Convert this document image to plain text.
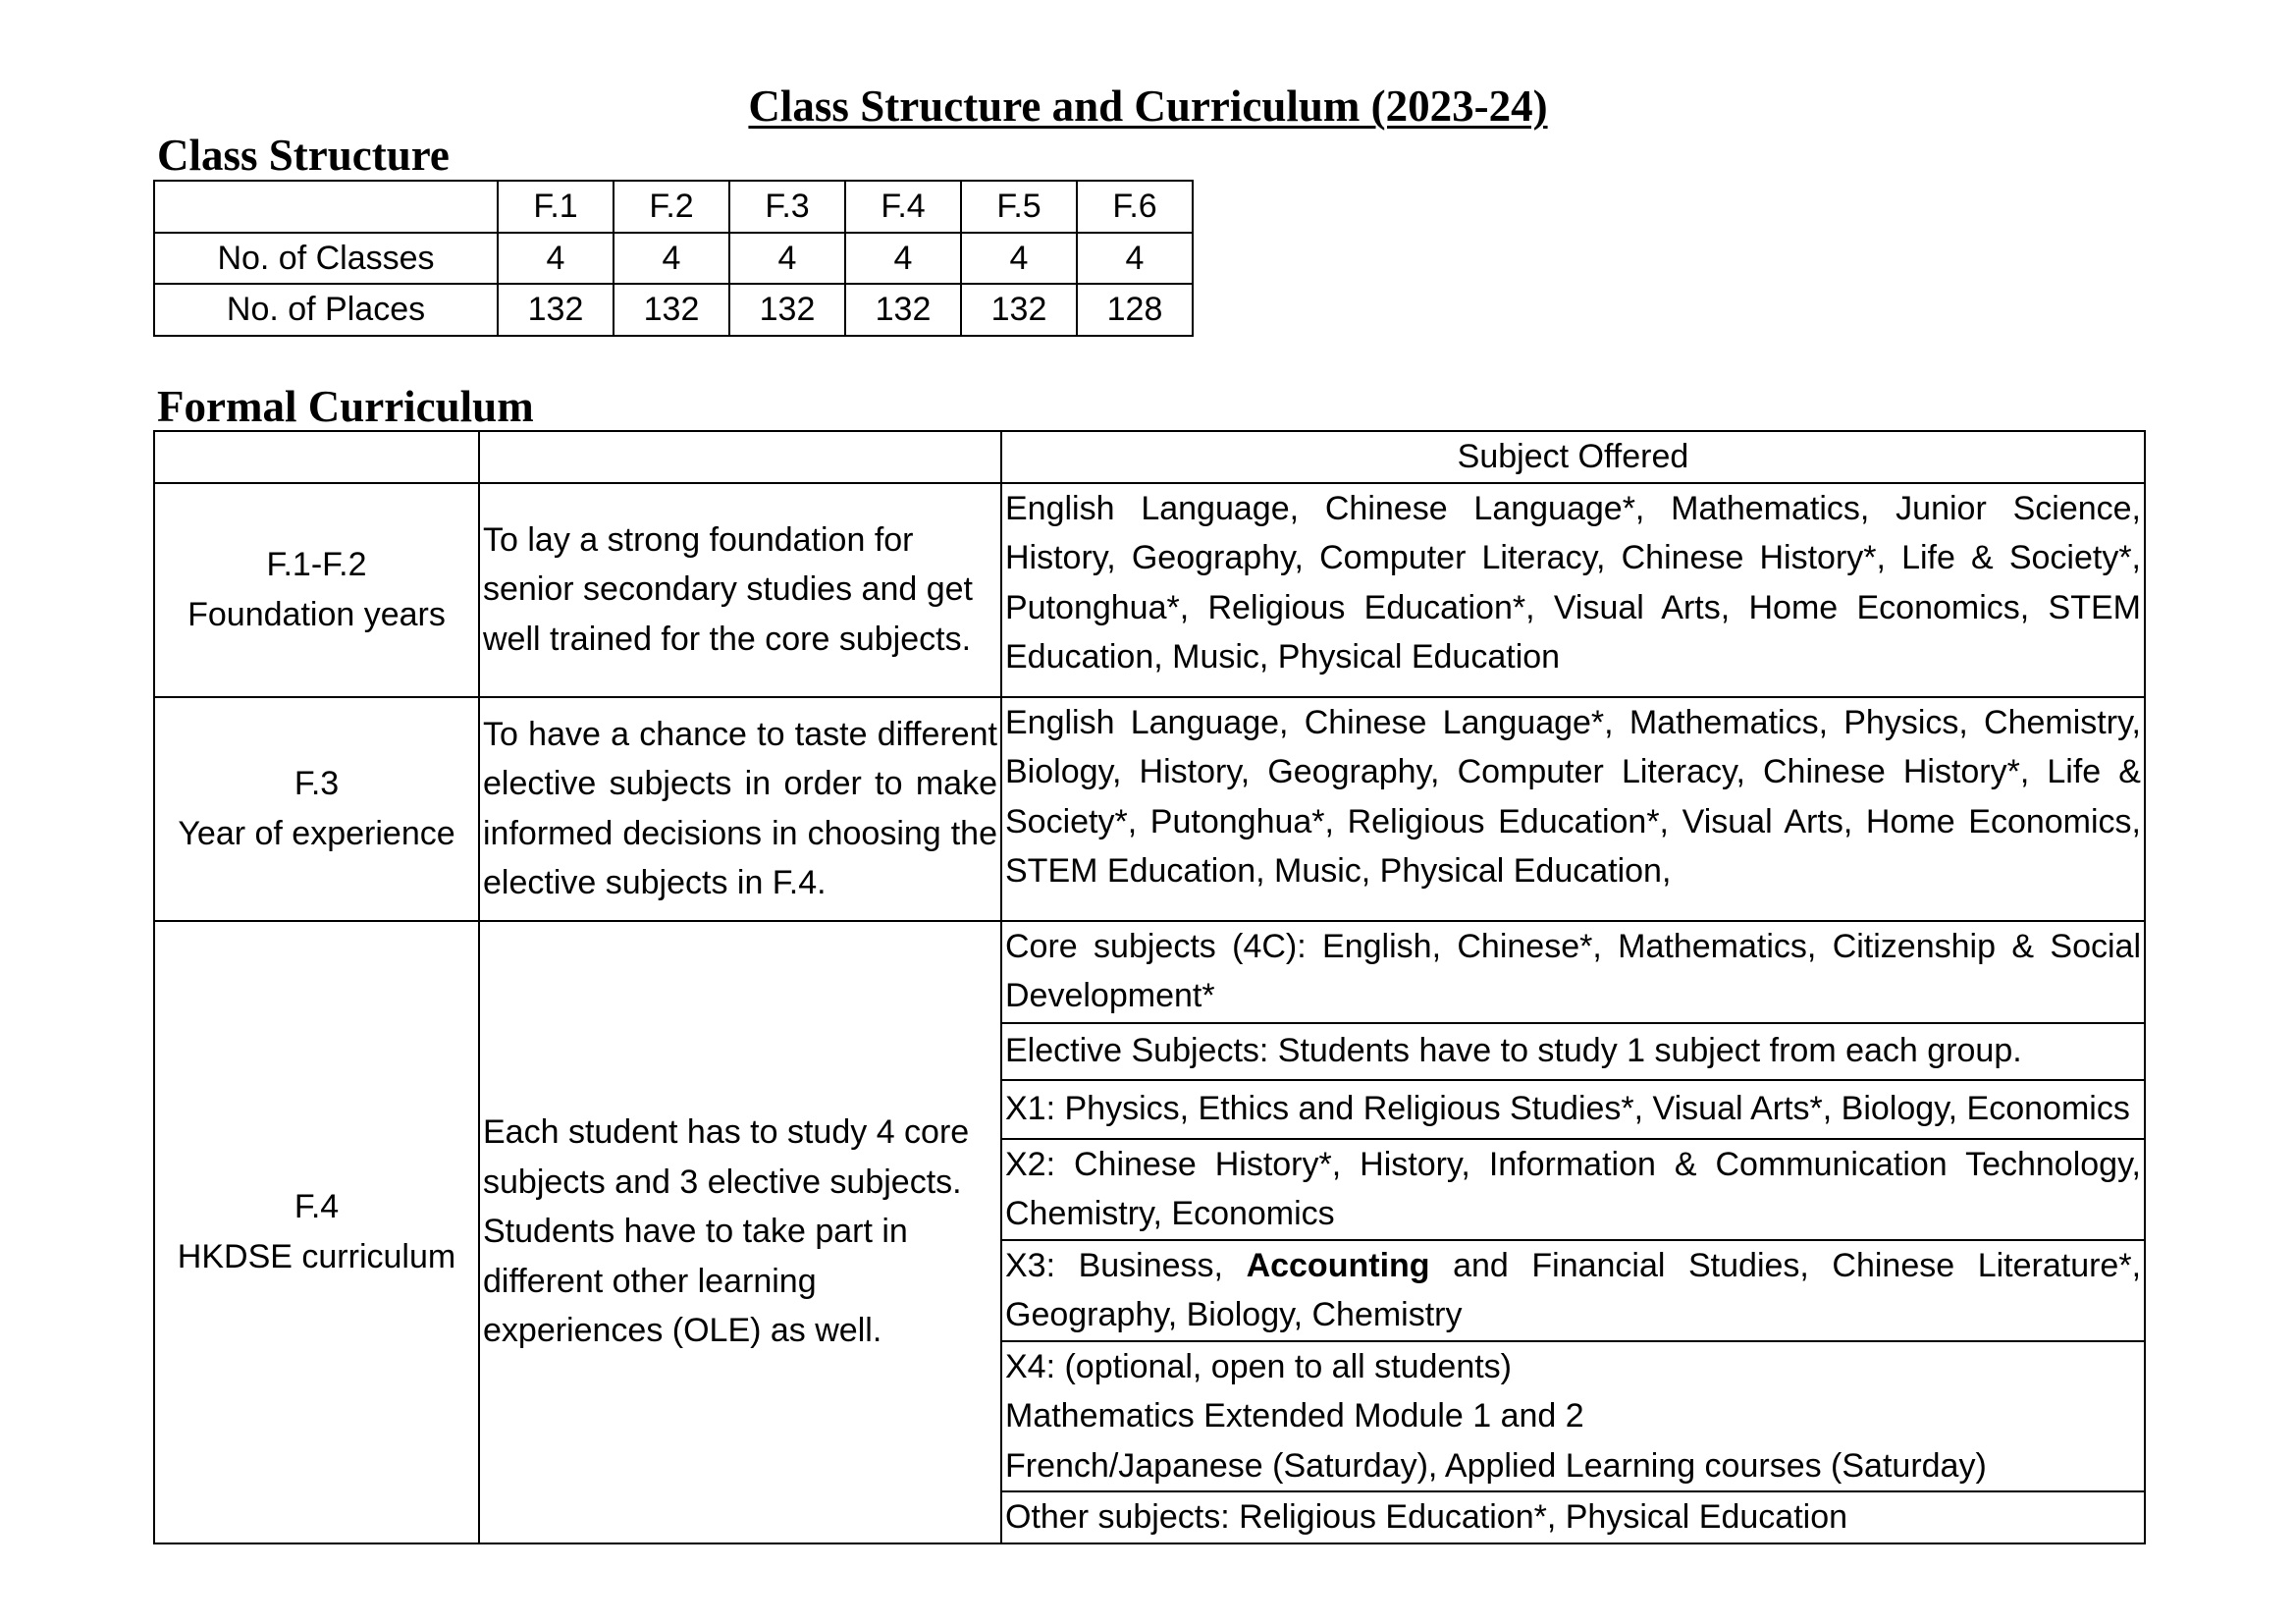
Class Structure and Curriculum (2023-24)
Class Structure
	F.1	F.2	F.3	F.4	F.5	F.6
No. of Classes	4	4	4	4	4	4
No. of Places	132	132	132	132	132	128
Formal Curriculum
		Subject Offered

F.1-F.2
Foundation years	To lay a strong foundation for senior secondary studies and get well trained for the core subjects.	English Language, Chinese Language*, Mathematics, Junior Science, History, Geography, Computer Literacy, Chinese History*, Life & Society*, Putonghua*, Religious Education*, Visual Arts, Home Economics, STEM Education, Music, Physical Education

F.3
Year of experience	To have a chance to taste different elective subjects in order to make informed decisions in choosing the elective subjects in F.4.	English Language, Chinese Language*, Mathematics, Physics, Chemistry, Biology, History, Geography, Computer Literacy, Chinese History*, Life & Society*, Putonghua*, Religious Education*, Visual Arts, Home Economics, STEM Education, Music, Physical Education,

F.4
HKDSE curriculum	Each student has to study 4 core subjects and 3 elective subjects. Students have to take part in different other learning experiences (OLE) as well.	Core subjects (4C): English, Chinese*, Mathematics, Citizenship & Social Development*
		Elective Subjects: Students have to study 1 subject from each group.
		X1: Physics, Ethics and Religious Studies*, Visual Arts*, Biology, Economics
		X2: Chinese History*, History, Information & Communication Technology, Chemistry, Economics
		X3: Business, Accounting and Financial Studies, Chinese Literature*, Geography, Biology, Chemistry

		X4: (optional, open to all students)
Mathematics Extended Module 1 and 2
French/Japanese (Saturday), Applied Learning courses (Saturday)

		Other subjects: Religious Education*, Physical Education
